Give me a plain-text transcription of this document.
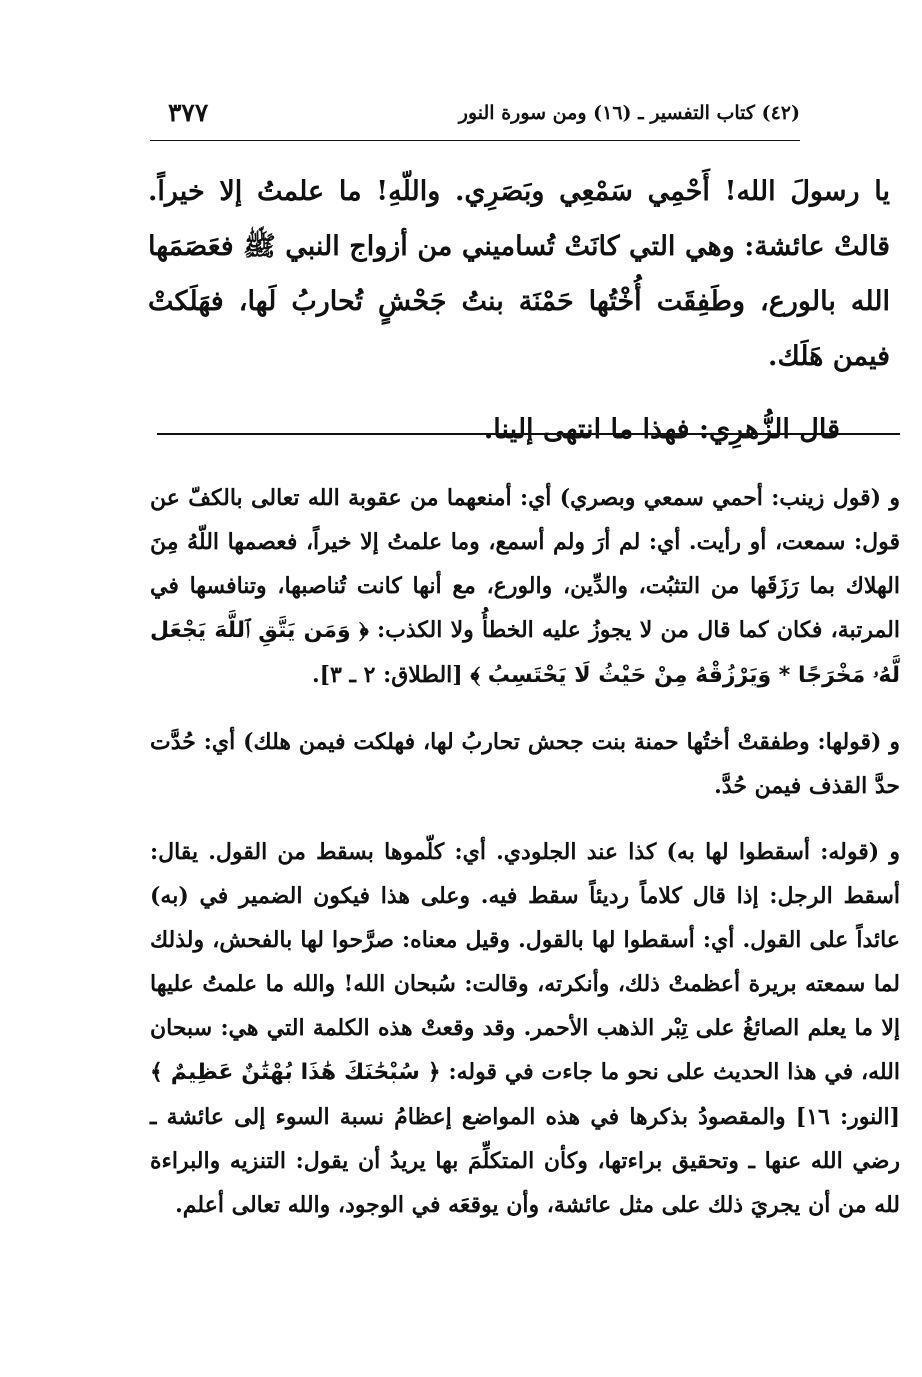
(٤٢) كتاب التفسير ـ (١٦) ومن سورة النور
٣٧٧

يا رسولَ الله! أَحْمِي سَمْعِي وبَصَرِي. واللّهِ! ما علمتُ إلا خيراً. قالتْ عائشة: وهي التي كانَتْ تُساميني من أزواج النبي ﷺ فعَصَمَها الله بالورع، وطَفِقَت أُخْتُها حَمْنَة بنتُ جَحْشٍ تُحاربُ لَها، فهَلَكتْ فيمن هَلَك.

قال الزُّهرِي: فهذا ما انتهى إلينا.

و (قول زينب: أحمي سمعي وبصري) أي: أمنعهما من عقوبة الله تعالى بالكفّ عن قول: سمعت، أو رأيت. أي: لم أرَ ولم أسمع، وما علمتُ إلا خيراً، فعصمها اللّهُ مِنَ الهلاك بما رَزَقَها من التثبُت، والدِّين، والورع، مع أنها كانت تُناصبها، وتنافسها في المرتبة، فكان كما قال من لا يجوزُ عليه الخطأُ ولا الكذب: ﴿ وَمَن يَتَّقِ ٱللَّهَ يَجْعَل لَّهُۥ مَخْرَجًا * وَيَرْزُقْهُ مِنْ حَيْثُ لَا يَحْتَسِبُ ﴾ [الطلاق: ٢ ـ ٣].

و (قولها: وطفقتْ أختُها حمنة بنت جحش تحاربُ لها، فهلكت فيمن هلك) أي: حُدَّت حدَّ القذف فيمن حُدَّ.

و (قوله: أسقطوا لها به) كذا عند الجلودي. أي: كلّموها بسقط من القول. يقال: أسقط الرجل: إذا قال كلاماً رديئاً سقط فيه. وعلى هذا فيكون الضمير في (به) عائداً على القول. أي: أسقطوا لها بالقول. وقيل معناه: صرَّحوا لها بالفحش، ولذلك لما سمعته بريرة أعظمتْ ذلك، وأنكرته، وقالت: سُبحان الله! والله ما علمتُ عليها إلا ما يعلم الصائغُ على تِبْر الذهب الأحمر. وقد وقعتْ هذه الكلمة التي هي: سبحان الله، في هذا الحديث على نحو ما جاءت في قوله: ﴿ سُبْحَٰنَكَ هَٰذَا بُهْتَٰنٌ عَظِيمٌ ﴾ [النور: ١٦] والمقصودُ بذكرها في هذه المواضع إعظامُ نسبة السوء إلى عائشة ـ رضي الله عنها ـ وتحقيق براءتها، وكأن المتكلِّمَ بها يريدُ أن يقول: التنزيه والبراءة لله من أن يجريَ ذلك على مثل عائشة، وأن يوقعَه في الوجود، والله تعالى أعلم.
